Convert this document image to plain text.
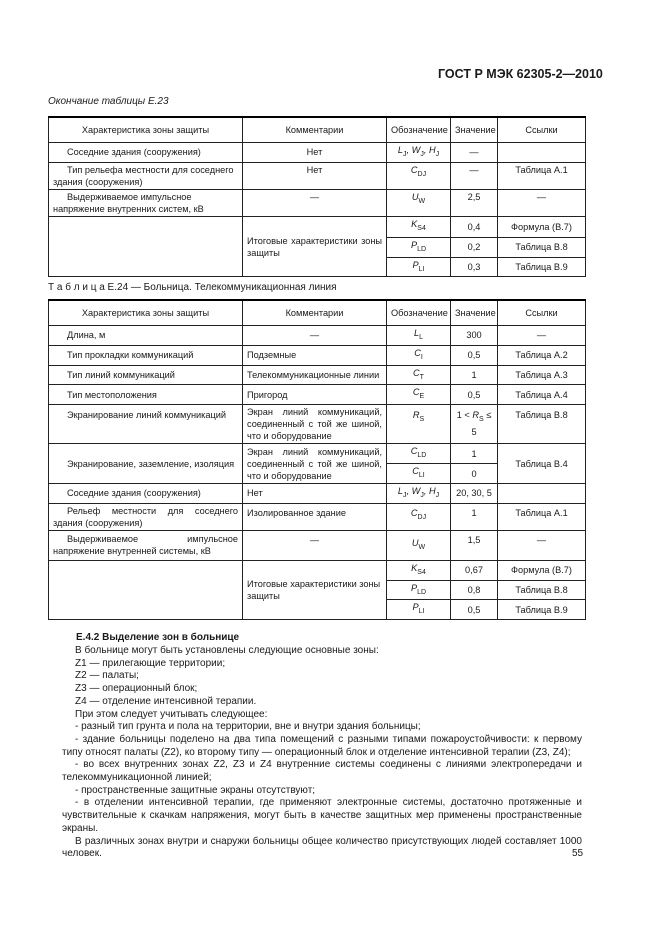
ГОСТ Р МЭК 62305-2—2010
Окончание таблицы Е.23
Характеристика зоны защиты	Комментарии	Обозначение	Значение	Ссылки
Соседние здания (сооружения)	Нет	$L_J$, $W_J$, $H_J$	—	
Тип рельефа местности для соседнего здания (сооружения)	Нет	$C_{DJ}$	—	Таблица А.1
Выдерживаемое импульсное напряжение внутренних систем, кВ	—	$U_W$	2,5	—
	Итоговые характеристики зоны защиты	$K_{S4}$	0,4	Формула (В.7)
		$P_{LD}$	0,2	Таблица В.8
		$P_{LI}$	0,3	Таблица В.9
Т а б л и ц а Е.24 — Больница. Телекоммуникационная линия
Характеристика зоны защиты	Комментарии	Обозначение	Значение	Ссылки
Длина, м	—	$L_L$	300	—
Тип прокладки коммуникаций	Подземные	$C_I$	0,5	Таблица А.2
Тип линий коммуникаций	Телекоммуникационные линии	$C_T$	1	Таблица А.3
Тип местоположения	Пригород	$C_E$	0,5	Таблица А.4
Экранирование линий коммуникаций	Экран линий коммуникаций, соединенный с той же шиной, что и оборудование	$R_S$	$1 < R_S \le 5$	Таблица В.8
Экранирование, заземление, изоляция	Экран линий коммуникаций, соединенный с той же шиной, что и оборудование	$C_{LD}$	1	Таблица В.4
		$C_{LI}$	0	
Соседние здания (сооружения)	Нет	$L_J$, $W_J$, $H_J$	20, 30, 5	
Рельеф местности для соседнего здания (сооружения)	Изолированное здание	$C_{DJ}$	1	Таблица А.1
Выдерживаемое импульсное напряжение внутренней системы, кВ	—	$U_W$	1,5	—
	Итоговые характеристики зоны защиты	$K_{S4}$	0,67	Формула (В.7)
		$P_{LD}$	0,8	Таблица В.8
		$P_{LI}$	0,5	Таблица В.9
Е.4.2 Выделение зон в больнице

В больнице могут быть установлены следующие основные зоны:

Z1 — прилегающие территории;

Z2 — палаты;

Z3 — операционный блок;

Z4 — отделение интенсивной терапии.

При этом следует учитывать следующее:

- разный тип грунта и пола на территории, вне и внутри здания больницы;

- здание больницы поделено на два типа помещений с разными типами пожароустойчивости: к первому типу относят палаты (Z2), ко второму типу — операционный блок и отделение интенсивной терапии (Z3, Z4);

- во всех внутренних зонах Z2, Z3 и Z4 внутренние системы соединены с линиями электропередачи и телекоммуникационной линией;

- пространственные защитные экраны отсутствуют;

- в отделении интенсивной терапии, где применяют электронные системы, достаточно протяженные и чувствительные к скачкам напряжения, могут быть в качестве защитных мер применены пространственные экраны.

В различных зонах внутри и снаружи больницы общее количество присутствующих людей составляет 1000 человек.	55
